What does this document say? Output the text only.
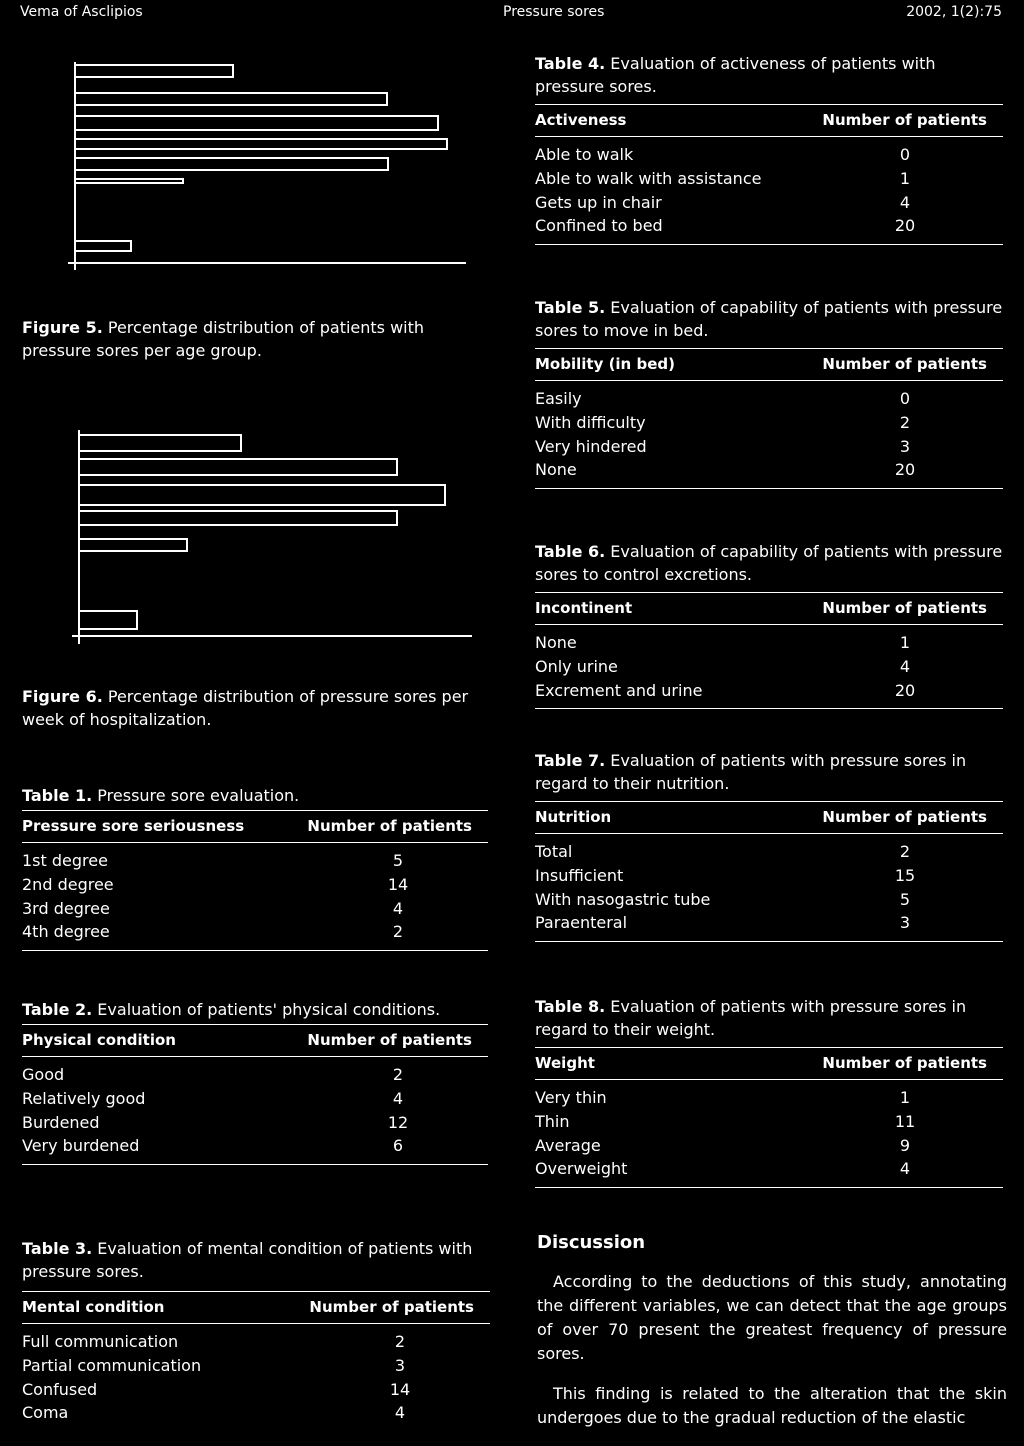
Vema of Asclipios	Pressure sores	2002, 1(2):75
Figure 5. Percentage distribution of patients with pressure sores per age group.
Figure 6. Percentage distribution of pressure sores per week of hospitalization.
Table 1. Pressure sore evaluation.
Pressure sore seriousness	Number of patients
1st degree	5
2nd degree	14
3rd degree	4
4th degree	2
Table 2. Evaluation of patients' physical conditions.
Physical condition	Number of patients
Good	2
Relatively good	4
Burdened	12
Very burdened	6
Table 3. Evaluation of mental condition of patients with pressure sores.
Mental condition	Number of patients
Full communication	2
Partial communication	3
Confused	14
Coma	4
Table 4. Evaluation of activeness of patients with pressure sores.
Activeness	Number of patients
Able to walk	0
Able to walk with assistance	1
Gets up in chair	4
Confined to bed	20
Table 5. Evaluation of capability of patients with pressure sores to move in bed.
Mobility (in bed)	Number of patients
Easily	0
With difficulty	2
Very hindered	3
None	20
Table 6. Evaluation of capability of patients with pressure sores to control excretions.
Incontinent	Number of patients
None	1
Only urine	4
Excrement and urine	20
Table 7. Evaluation of patients with pressure sores in regard to their nutrition.
Nutrition	Number of patients
Total	2
Insufficient	15
With nasogastric tube	5
Paraenteral	3
Table 8. Evaluation of patients with pressure sores in regard to their weight.
Weight	Number of patients
Very thin	1
Thin	11
Average	9
Overweight	4
Discussion
According to the deductions of this study, annotating the different variables, we can detect that the age groups of over 70 present the greatest frequency of pressure sores.
This finding is related to the alteration that the skin undergoes due to the gradual reduction of the elastic
